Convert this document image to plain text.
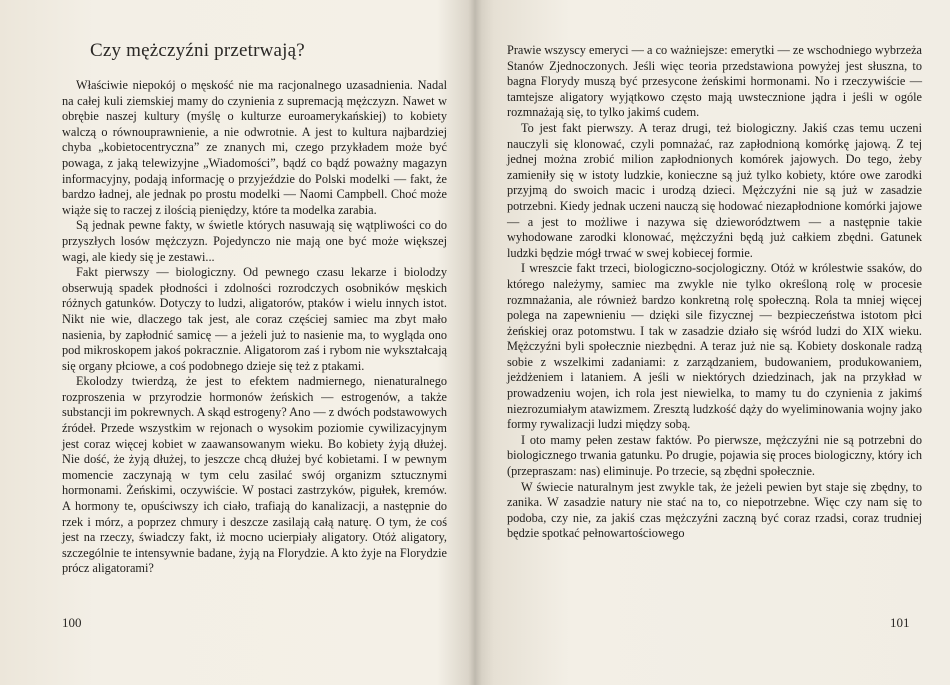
Czy mężczyźni przetrwają?

Właściwie niepokój o męskość nie ma racjonalnego uzasadnienia. Nadal na całej kuli ziemskiej mamy do czynienia z supremacją mężczyzn. Nawet w obrębie naszej kultury (myślę o kulturze euroamerykańskiej) to kobiety walczą o równouprawnienie, a nie odwrotnie. A jest to kultura najbardziej chyba „kobietocentryczna” ze znanych mi, czego przykładem może być powaga, z jaką telewizyjne „Wiadomości”, bądź co bądź poważny magazyn informacyjny, podają informację o przyjeździe do Polski modelki — fakt, że bardzo ładnej, ale jednak po prostu modelki — Naomi Campbell. Choć może wiąże się to raczej z ilością pieniędzy, które ta modelka zarabia.

Są jednak pewne fakty, w świetle których nasuwają się wątpliwości co do przyszłych losów mężczyzn. Pojedynczo nie mają one być może większej wagi, ale kiedy się je zestawi...

Fakt pierwszy — biologiczny. Od pewnego czasu lekarze i biolodzy obserwują spadek płodności i zdolności rozrodczych osobników męskich różnych gatunków. Dotyczy to ludzi, aligatorów, ptaków i wielu innych istot. Nikt nie wie, dlaczego tak jest, ale coraz częściej samiec ma zbyt mało nasienia, by zapłodnić samicę — a jeżeli już to nasienie ma, to wygląda ono pod mikroskopem jakoś pokracznie. Aligatorom zaś i rybom nie wykształcają się organy płciowe, a coś podobnego dzieje się też z ptakami.

Ekolodzy twierdzą, że jest to efektem nadmiernego, nienaturalnego rozproszenia w przyrodzie hormonów żeńskich — estrogenów, a także substancji im pokrewnych. A skąd estrogeny? Ano — z dwóch podstawowych źródeł. Przede wszystkim w rejonach o wysokim poziomie cywilizacyjnym jest coraz więcej kobiet w zaawansowanym wieku. Bo kobiety żyją dłużej. Nie dość, że żyją dłużej, to jeszcze chcą dłużej być kobietami. I w pewnym momencie zaczynają w tym celu zasilać swój organizm sztucznymi hormonami. Żeńskimi, oczywiście. W postaci zastrzyków, pigułek, kremów. A hormony te, opuściwszy ich ciało, trafiają do kanalizacji, a następnie do rzek i mórz, a poprzez chmury i deszcze zasilają całą naturę. O tym, że coś jest na rzeczy, świadczy fakt, iż mocno ucierpiały aligatory. Otóż aligatory, szczególnie te intensywnie badane, żyją na Florydzie. A kto żyje na Florydzie prócz aligatorami?

100

Prawie wszyscy emeryci — a co ważniejsze: emerytki — ze wschodniego wybrzeża Stanów Zjednoczonych. Jeśli więc teoria przedstawiona powyżej jest słuszna, to bagna Florydy muszą być przesycone żeńskimi hormonami. No i rzeczywiście — tamtejsze aligatory wyjątkowo często mają uwstecznione jądra i jeśli w ogóle rozmnażają się, to tylko jakimś cudem.

To jest fakt pierwszy. A teraz drugi, też biologiczny. Jakiś czas temu uczeni nauczyli się klonować, czyli pomnażać, raz zapłodnioną komórkę jajową. Z tej jednej można zrobić milion zapłodnionych komórek jajowych. Do tego, żeby zamieniły się w istoty ludzkie, konieczne są już tylko kobiety, które owe zarodki przyjmą do swoich macic i urodzą dzieci. Mężczyźni nie są już w zasadzie potrzebni. Kiedy jednak uczeni nauczą się hodować niezapłodnione komórki jajowe — a jest to możliwe i nazywa się dzieworództwem — a następnie takie wyhodowane zarodki klonować, mężczyźni będą już całkiem zbędni. Gatunek ludzki będzie mógł trwać w swej kobiecej formie.

I wreszcie fakt trzeci, biologiczno-socjologiczny. Otóż w królestwie ssaków, do którego należymy, samiec ma zwykle nie tylko określoną rolę w procesie rozmnażania, ale również bardzo konkretną rolę społeczną. Rola ta mniej więcej polega na zapewnieniu — dzięki sile fizycznej — bezpieczeństwa istotom płci żeńskiej oraz potomstwu. I tak w zasadzie działo się wśród ludzi do XIX wieku. Mężczyźni byli społecznie niezbędni. A teraz już nie są. Kobiety doskonale radzą sobie z wszelkimi zadaniami: z zarządzaniem, budowaniem, produkowaniem, jeżdżeniem i lataniem. A jeśli w niektórych dziedzinach, jak na przykład w prowadzeniu wojen, ich rola jest niewielka, to mamy tu do czynienia z jakimś niezrozumiałym atawizmem. Zresztą ludzkość dąży do wyeliminowania wojny jako formy rywalizacji ludzi między sobą.

I oto mamy pełen zestaw faktów. Po pierwsze, mężczyźni nie są potrzebni do biologicznego trwania gatunku. Po drugie, pojawia się proces biologiczny, który ich (przepraszam: nas) eliminuje. Po trzecie, są zbędni społecznie.

W świecie naturalnym jest zwykle tak, że jeżeli pewien byt staje się zbędny, to zanika. W zasadzie natury nie stać na to, co niepotrzebne. Więc czy nam się to podoba, czy nie, za jakiś czas mężczyźni zaczną być coraz rzadsi, coraz trudniej będzie spotkać pełnowartościowego

101
